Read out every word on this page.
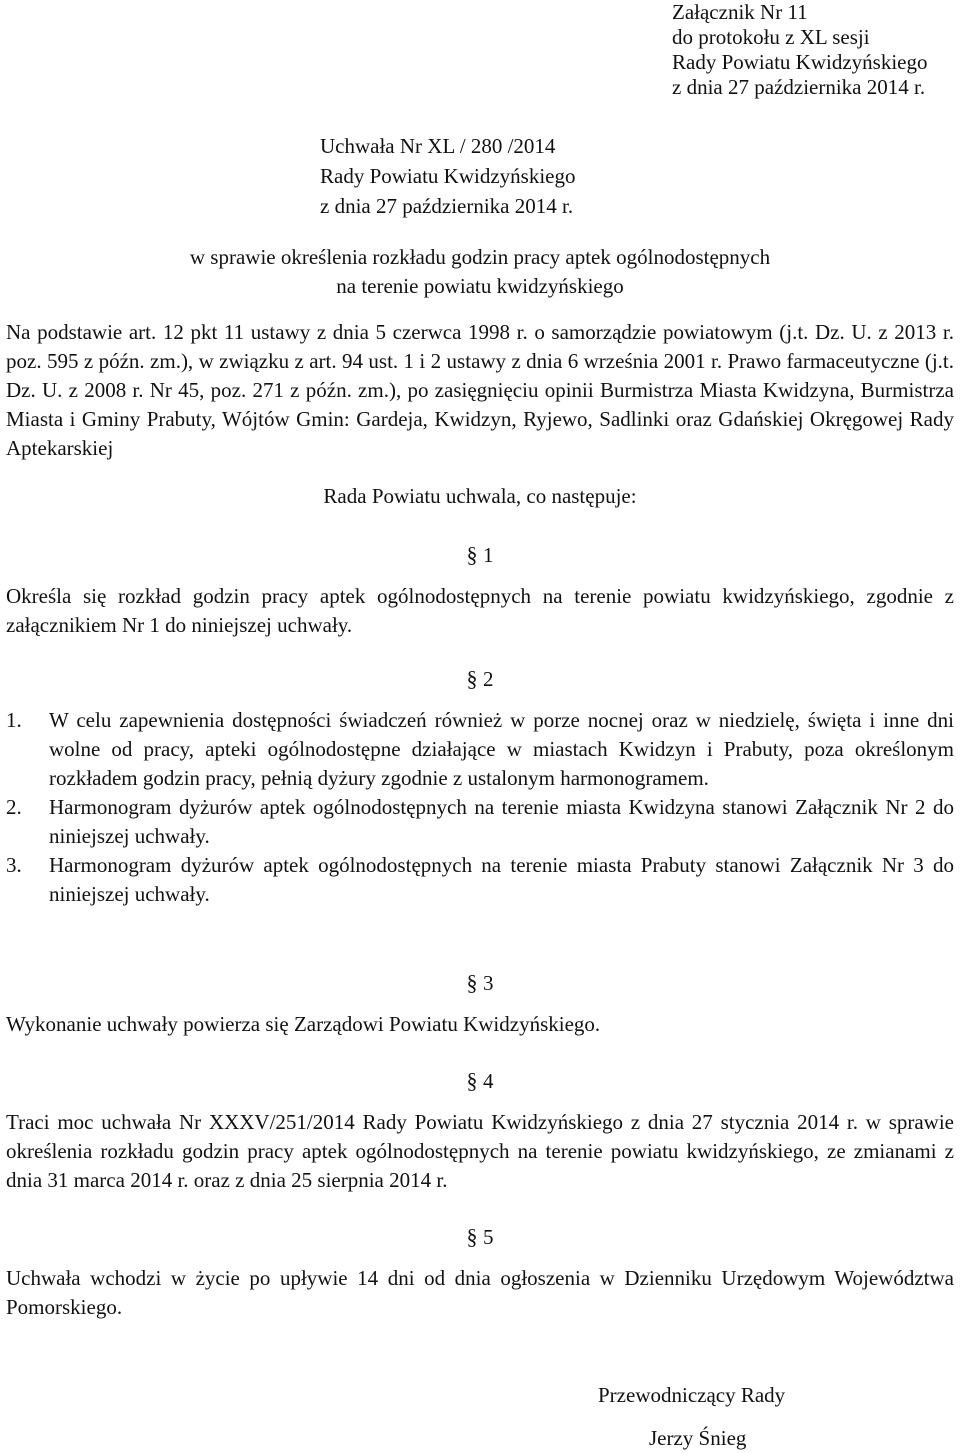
Załącznik Nr 11
do protokołu z XL sesji
Rady Powiatu Kwidzyńskiego
z dnia 27 października 2014 r.
Uchwała Nr XL / 280 /2014
Rady Powiatu Kwidzyńskiego
z dnia 27 października 2014 r.
w sprawie określenia rozkładu godzin pracy aptek ogólnodostępnych
na terenie powiatu kwidzyńskiego

Na podstawie art. 12 pkt 11 ustawy z dnia 5 czerwca 1998 r. o samorządzie powiatowym (j.t. Dz. U. z 2013 r. poz. 595 z późn. zm.), w związku z art. 94 ust. 1 i 2 ustawy z dnia 6 września 2001 r. Prawo farmaceutyczne (j.t. Dz. U. z 2008 r. Nr 45, poz. 271 z późn. zm.), po zasięgnięciu opinii Burmistrza Miasta Kwidzyna, Burmistrza Miasta i Gminy Prabuty, Wójtów Gmin: Gardeja, Kwidzyn, Ryjewo, Sadlinki oraz Gdańskiej Okręgowej Rady Aptekarskiej

Rada Powiatu uchwala, co następuje:

§ 1

Określa się rozkład godzin pracy aptek ogólnodostępnych na terenie powiatu kwidzyńskiego, zgodnie z załącznikiem Nr 1 do niniejszej uchwały.

§ 2
1. W celu zapewnienia dostępności świadczeń również w porze nocnej oraz w niedzielę, święta i inne dni wolne od pracy, apteki ogólnodostępne działające w miastach Kwidzyn i Prabuty, poza określonym rozkładem godzin pracy, pełnią dyżury zgodnie z ustalonym harmonogramem.
2. Harmonogram dyżurów aptek ogólnodostępnych na terenie miasta Kwidzyna stanowi Załącznik Nr 2 do niniejszej uchwały.
3. Harmonogram dyżurów aptek ogólnodostępnych na terenie miasta Prabuty stanowi Załącznik Nr 3 do niniejszej uchwały.
§ 3

Wykonanie uchwały powierza się Zarządowi Powiatu Kwidzyńskiego.

§ 4

Traci moc uchwała Nr XXXV/251/2014 Rady Powiatu Kwidzyńskiego z dnia 27 stycznia 2014 r. w sprawie określenia rozkładu godzin pracy aptek ogólnodostępnych na terenie powiatu kwidzyńskiego, ze zmianami z dnia 31 marca 2014 r. oraz z dnia 25 sierpnia 2014 r.

§ 5

Uchwała wchodzi w życie po upływie 14 dni od dnia ogłoszenia w Dzienniku Urzędowym Województwa Pomorskiego.

Przewodniczący Rady
Jerzy Śnieg
